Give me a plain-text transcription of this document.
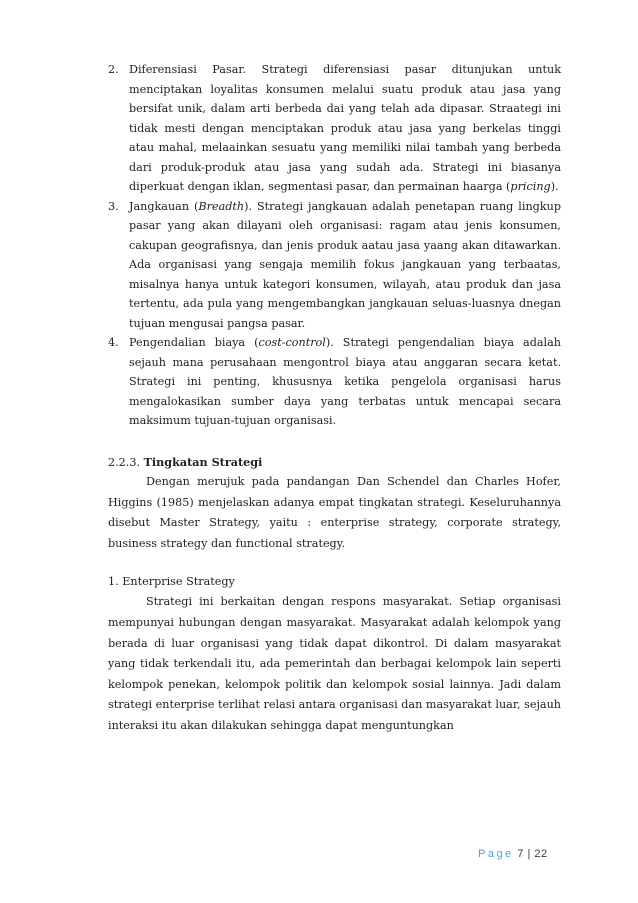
2. Diferensiasi Pasar. Strategi diferensiasi pasar ditunjukan untuk menciptakan loyalitas konsumen melalui suatu produk atau jasa yang bersifat unik, dalam arti berbeda dai yang telah ada dipasar. Straategi ini tidak mesti dengan menciptakan produk atau jasa yang berkelas tinggi atau mahal, melaainkan sesuatu yang memiliki nilai tambah yang berbeda dari produk-produk atau jasa yang sudah ada. Strategi ini biasanya diperkuat dengan iklan, segmentasi pasar, dan permainan haarga (pricing).
3. Jangkauan (Breadth). Strategi jangkauan adalah penetapan ruang lingkup pasar yang akan dilayani oleh organisasi: ragam atau jenis konsumen, cakupan geografisnya, dan jenis produk aatau jasa yaang akan ditawarkan. Ada organisasi yang sengaja memilih fokus jangkauan yang terbaatas, misalnya hanya untuk kategori konsumen, wilayah, atau produk dan jasa tertentu, ada pula yang mengembangkan jangkauan seluas-luasnya dnegan tujuan mengusai pangsa pasar.
4. Pengendalian biaya (cost-control). Strategi pengendalian biaya adalah sejauh mana perusahaan mengontrol biaya atau anggaran secara ketat. Strategi ini penting, khususnya ketika pengelola organisasi harus mengalokasikan sumber daya yang terbatas untuk mencapai secara maksimum tujuan-tujuan organisasi.
2.2.3. Tingkatan Strategi

Dengan merujuk pada pandangan Dan Schendel dan Charles Hofer, Higgins (1985) menjelaskan adanya empat tingkatan strategi. Keseluruhannya disebut Master Strategy, yaitu : enterprise strategy, corporate strategy, business strategy dan functional strategy.

1. Enterprise Strategy

Strategi ini berkaitan dengan respons masyarakat. Setiap organisasi mempunyai hubungan dengan masyarakat. Masyarakat adalah kelompok yang berada di luar organisasi yang tidak dapat dikontrol. Di dalam masyarakat yang tidak terkendali itu, ada pemerintah dan berbagai kelompok lain seperti kelompok penekan, kelompok politik dan kelompok sosial lainnya. Jadi dalam strategi enterprise terlihat relasi antara organisasi dan masyarakat luar, sejauh interaksi itu akan dilakukan sehingga dapat menguntungkan

Page 7 | 22
